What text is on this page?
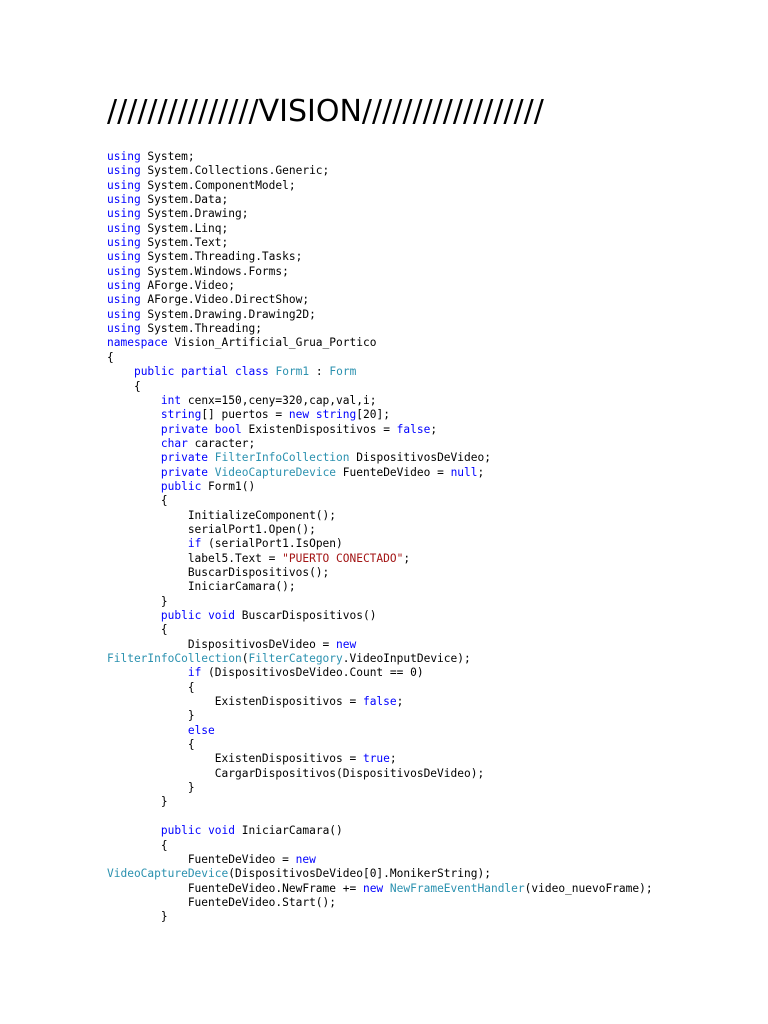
///////////////VISION//////////////////
using System;
using System.Collections.Generic;
using System.ComponentModel;
using System.Data;
using System.Drawing;
using System.Linq;
using System.Text;
using System.Threading.Tasks;
using System.Windows.Forms;
using AForge.Video;
using AForge.Video.DirectShow;
using System.Drawing.Drawing2D;
using System.Threading;
namespace Vision_Artificial_Grua_Portico
{
public partial class Form1 : Form
{
int cenx=150,ceny=320,cap,val,i;
string[] puertos = new string[20];
private bool ExistenDispositivos = false;
char caracter;
private FilterInfoCollection DispositivosDeVideo;
private VideoCaptureDevice FuenteDeVideo = null;
public Form1()
{
InitializeComponent();
serialPort1.Open();
if (serialPort1.IsOpen)
label5.Text = "PUERTO CONECTADO";
BuscarDispositivos();
IniciarCamara();
}
public void BuscarDispositivos()
{
DispositivosDeVideo = new
FilterInfoCollection(FilterCategory.VideoInputDevice);
if (DispositivosDeVideo.Count == 0)
{
ExistenDispositivos = false;
}
else
{
ExistenDispositivos = true;
CargarDispositivos(DispositivosDeVideo);
}
}
public void IniciarCamara()
{
FuenteDeVideo = new
VideoCaptureDevice(DispositivosDeVideo[0].MonikerString);
FuenteDeVideo.NewFrame += new NewFrameEventHandler(video_nuevoFrame);
FuenteDeVideo.Start();
}
